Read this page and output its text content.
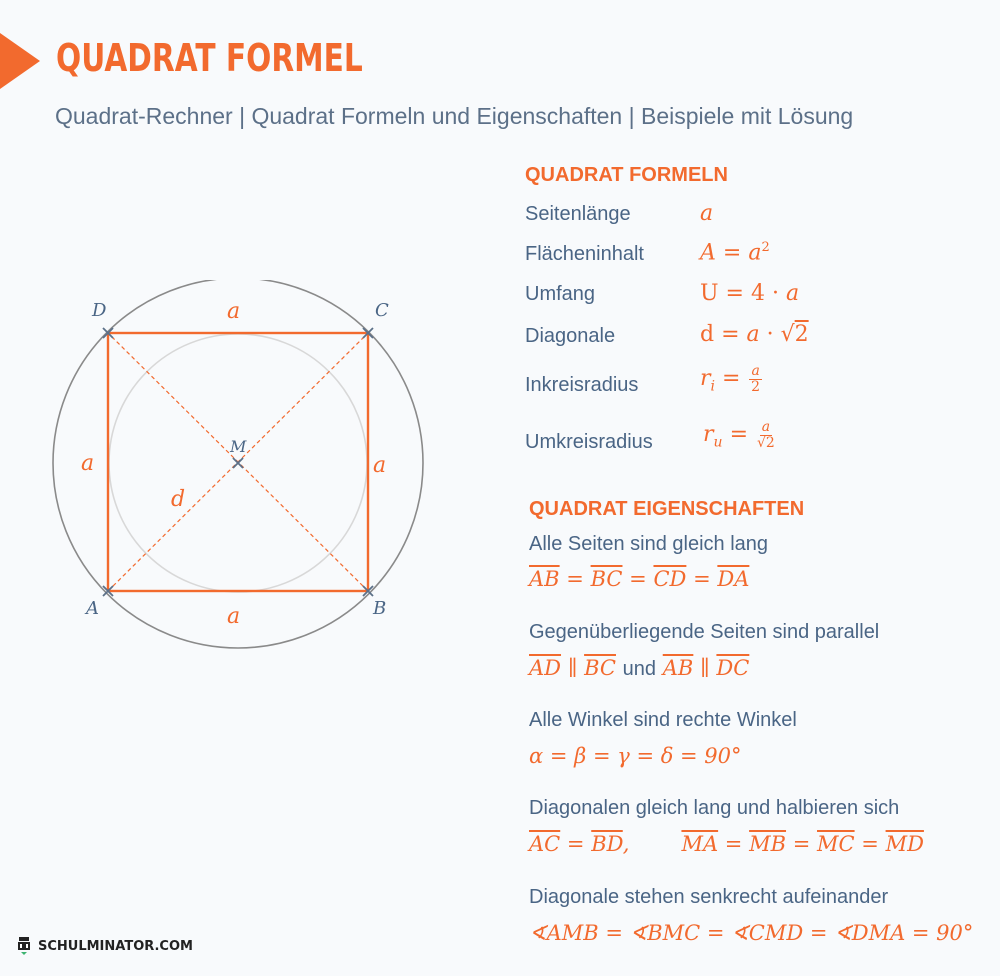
QUADRAT FORMEL
Quadrat-Rechner | Quadrat Formeln und Eigenschaften | Beispiele mit Lösung
D	C
A	B
M
a
a
a	a
d
QUADRAT FORMELN
Seitenlänge	a
Flächeninhalt	$A = a^2$
Umfang	U = 4 · a
Diagonale	d = a · √2
Inkreisradius	$r_i = \frac{a}{2}$
Umkreisradius $r_u = \frac{a}{√2}$
QUADRAT EIGENSCHAFTEN
Alle Seiten sind gleich lang
$\overline{AB} = \overline{BC} = \overline{CD} = \overline{DA}$
Gegenüberliegende Seiten sind parallel
$\overline{AD}$ ∥ $\overline{BC}$ und $\overline{AB}$ ∥ $\overline{DC}$
Alle Winkel sind rechte Winkel
α = β = γ = δ = 90°
Diagonalen gleich lang und halbieren sich
$\overline{AC} = \overline{BD}$, $\overline{MA} = \overline{MB} = \overline{MC} = \overline{MD}$
Diagonale stehen senkrecht aufeinander
∢AMB = ∢BMC = ∢CMD = ∢DMA = 90°
SCHULMINATOR.COM
